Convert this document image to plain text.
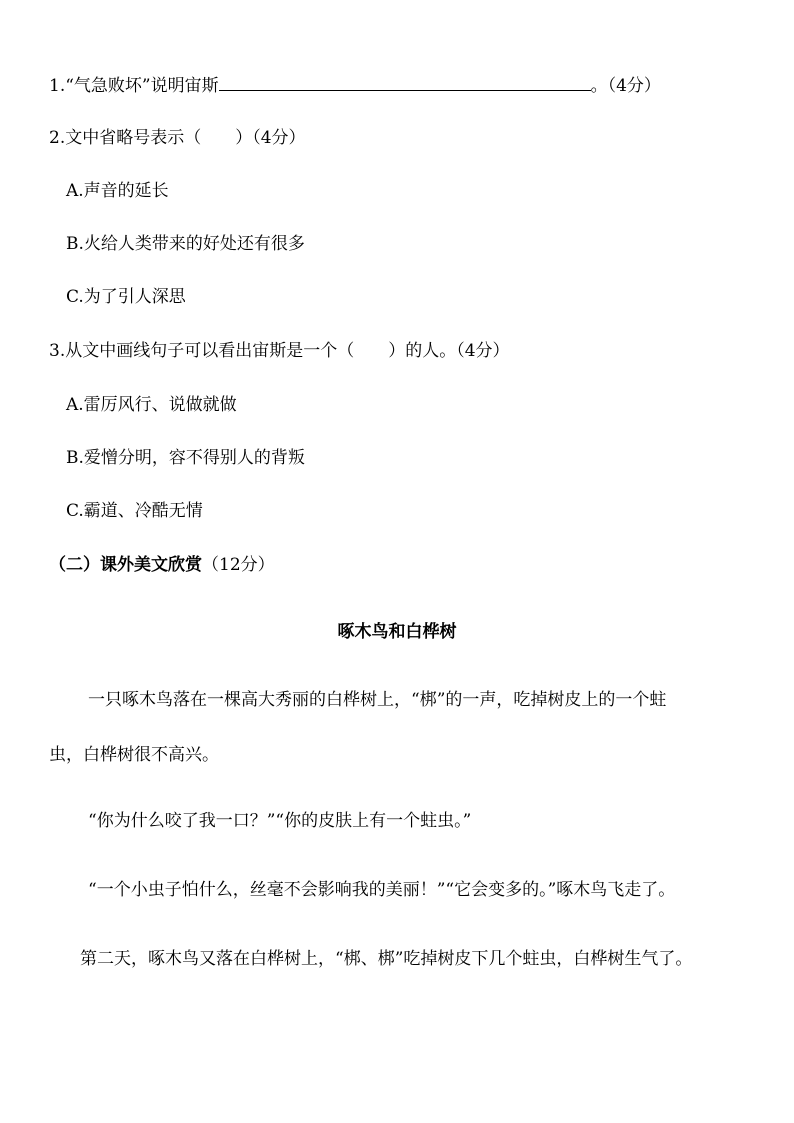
1.“气急败坏”说明宙斯	。（4分）
2.文中省略号表示（　　）（4分）
A.声音的延长
B.火给人类带来的好处还有很多
C.为了引人深思
3.从文中画线句子可以看出宙斯是一个（　　）的人。（4分）
A.雷厉风行、说做就做
B.爱憎分明，容不得别人的背叛
C.霸道、冷酷无情
（二）课外美文欣赏（12分）
啄木鸟和白桦树
一只啄木鸟落在一棵高大秀丽的白桦树上，“梆”的一声，吃掉树皮上的一个蛀
虫，白桦树很不高兴。
“你为什么咬了我一口？”“你的皮肤上有一个蛀虫。”
“一个小虫子怕什么，丝毫不会影响我的美丽！”“它会变多的。”啄木鸟飞走了。
第二天，啄木鸟又落在白桦树上，“梆、梆”吃掉树皮下几个蛀虫，白桦树生气了。
